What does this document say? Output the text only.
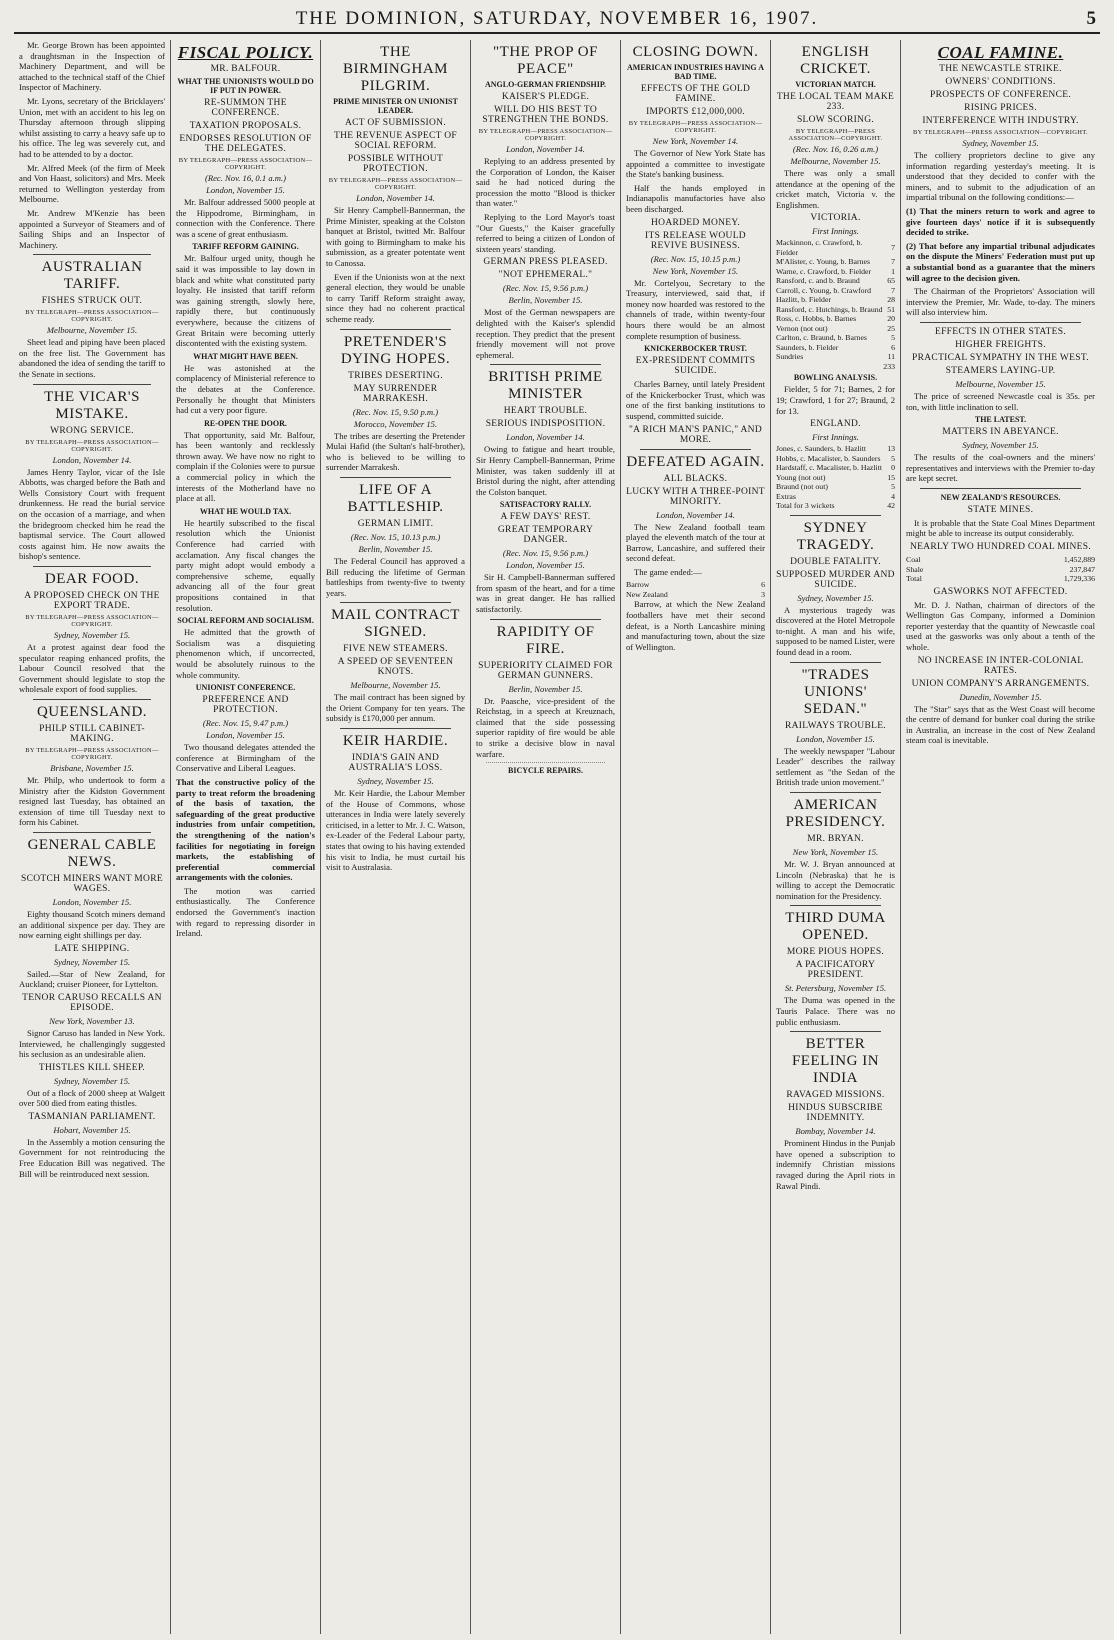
THE DOMINION, SATURDAY, NOVEMBER 16, 1907.	5

Mr. George Brown has been appointed a draughtsman in the Inspection of Machinery Department, and will be attached to the technical staff of the Chief Inspector of Machinery.

Mr. Lyons, secretary of the Bricklayers' Union, met with an accident to his leg on Thursday afternoon through slipping whilst assisting to carry a heavy safe up to his office. The leg was severely cut, and had to be attended to by a doctor.

Mr. Alfred Meek (of the firm of Meek and Von Haast, solicitors) and Mrs. Meek returned to Wellington yesterday from Melbourne.

Mr. Andrew M'Kenzie has been appointed a Surveyor of Steamers and of Sailing Ships and an Inspector of Machinery.

AUSTRALIAN TARIFF.
FISHES STRUCK OUT.
BY TELEGRAPH—PRESS ASSOCIATION—COPYRIGHT.
Melbourne, November 15.

Sheet lead and piping have been placed on the free list. The Government has abandoned the idea of sending the tariff to the Senate in sections.

THE VICAR'S MISTAKE.
WRONG SERVICE.
BY TELEGRAPH—PRESS ASSOCIATION—COPYRIGHT.
London, November 14.

James Henry Taylor, vicar of the Isle Abbotts, was charged before the Bath and Wells Consistory Court with frequent drunkenness. He read the burial service on the occasion of a marriage, and when the bridegroom checked him he read the baptismal service. The Court allowed costs against him. He now awaits the bishop's sentence.

DEAR FOOD.
A PROPOSED CHECK ON THE EXPORT TRADE.
BY TELEGRAPH—PRESS ASSOCIATION—COPYRIGHT.
Sydney, November 15.

At a protest against dear food the speculator reaping enhanced profits, the Labour Council resolved that the Government should legislate to stop the wholesale export of food supplies.

QUEENSLAND.
PHILP STILL CABINET-MAKING.
BY TELEGRAPH—PRESS ASSOCIATION—COPYRIGHT.
Brisbane, November 15.

Mr. Philp, who undertook to form a Ministry after the Kidston Government resigned last Tuesday, has obtained an extension of time till Tuesday next to form his Cabinet.

GENERAL CABLE NEWS.
SCOTCH MINERS WANT MORE WAGES.
London, November 15.

Eighty thousand Scotch miners demand an additional sixpence per day. They are now earning eight shillings per day.

LATE SHIPPING.
Sydney, November 15.

Sailed.—Star of New Zealand, for Auckland; cruiser Pioneer, for Lyttelton.

TENOR CARUSO RECALLS AN EPISODE.
New York, November 13.

Signor Caruso has landed in New York. Interviewed, he challengingly suggested his seclusion as an undesirable alien.

THISTLES KILL SHEEP.
Sydney, November 15.

Out of a flock of 2000 sheep at Walgett over 500 died from eating thistles.

TASMANIAN PARLIAMENT.
Hobart, November 15.

In the Assembly a motion censuring the Government for not reintroducing the Free Education Bill was negatived. The Bill will be reintroduced next session.

FISCAL POLICY.
MR. BALFOUR.
WHAT THE UNIONISTS WOULD DO IF PUT IN POWER.
RE-SUMMON THE CONFERENCE.
TAXATION PROPOSALS.
ENDORSES RESOLUTION OF THE DELEGATES.
BY TELEGRAPH—PRESS ASSOCIATION—COPYRIGHT.
(Rec. Nov. 16, 0.1 a.m.)
London, November 15.

Mr. Balfour addressed 5000 people at the Hippodrome, Birmingham, in connection with the Conference. There was a scene of great enthusiasm.

TARIFF REFORM GAINING.

Mr. Balfour urged unity, though he said it was impossible to lay down in black and white what constituted party loyalty. He insisted that tariff reform was gaining strength, slowly here, rapidly there, but continuously everywhere, because the citizens of Great Britain were becoming utterly discontented with the existing system.

WHAT MIGHT HAVE BEEN.

He was astonished at the complacency of Ministerial reference to the debates at the Conference. Personally he thought that Ministers had cut a very poor figure.

RE-OPEN THE DOOR.

That opportunity, said Mr. Balfour, has been wantonly and recklessly thrown away. We have now no right to complain if the Colonies were to pursue a commercial policy in which the interests of the Motherland have no place at all.

WHAT HE WOULD TAX.

He heartily subscribed to the fiscal resolution which the Unionist Conference had carried with acclamation. Any fiscal changes the party might adopt would embody a comprehensive scheme, equally advancing all of the four great propositions contained in that resolution.

SOCIAL REFORM AND SOCIALISM.

He admitted that the growth of Socialism was a disquieting phenomenon which, if uncorrected, would be absolutely ruinous to the whole community.

UNIONIST CONFERENCE.
PREFERENCE AND PROTECTION.
(Rec. Nov. 15, 9.47 p.m.)
London, November 15.

Two thousand delegates attended the conference at Birmingham of the Conservative and Liberal Leagues.

That the constructive policy of the party to treat reform the broadening of the basis of taxation, the safeguarding of the great productive industries from unfair competition, the strengthening of the nation's facilities for negotiating in foreign markets, the establishing of preferential commercial arrangements with the colonies.

The motion was carried enthusiastically. The Conference endorsed the Government's inaction with regard to repressing disorder in Ireland.

THE BIRMINGHAM PILGRIM.
PRIME MINISTER ON UNIONIST LEADER.
ACT OF SUBMISSION.
THE REVENUE ASPECT OF SOCIAL REFORM.
POSSIBLE WITHOUT PROTECTION.
BY TELEGRAPH—PRESS ASSOCIATION—COPYRIGHT.
London, November 14.

Sir Henry Campbell-Bannerman, the Prime Minister, speaking at the Colston banquet at Bristol, twitted Mr. Balfour with going to Birmingham to make his submission, as a greater potentate went to Canossa.

Even if the Unionists won at the next general election, they would be unable to carry Tariff Reform straight away, since they had no coherent practical scheme ready.

PRETENDER'S DYING HOPES.
TRIBES DESERTING.
MAY SURRENDER MARRAKESH.
(Rec. Nov. 15, 9.50 p.m.)
Morocco, November 15.

The tribes are deserting the Pretender Mulai Hafid (the Sultan's half-brother), who is believed to be willing to surrender Marrakesh.

LIFE OF A BATTLESHIP.
GERMAN LIMIT.
(Rec. Nov. 15, 10.13 p.m.)
Berlin, November 15.

The Federal Council has approved a Bill reducing the lifetime of German battleships from twenty-five to twenty years.

MAIL CONTRACT SIGNED.
FIVE NEW STEAMERS.
A SPEED OF SEVENTEEN KNOTS.
Melbourne, November 15.

The mail contract has been signed by the Orient Company for ten years. The subsidy is £170,000 per annum.

KEIR HARDIE.
INDIA'S GAIN AND AUSTRALIA'S LOSS.
Sydney, November 15.

Mr. Keir Hardie, the Labour Member of the House of Commons, whose utterances in India were lately severely criticised, in a letter to Mr. J. C. Watson, ex-Leader of the Federal Labour party, states that owing to his having extended his visit to India, he must curtail his visit to Australasia.

"THE PROP OF PEACE"
ANGLO-GERMAN FRIENDSHIP.
KAISER'S PLEDGE.
WILL DO HIS BEST TO STRENGTHEN THE BONDS.
BY TELEGRAPH—PRESS ASSOCIATION—COPYRIGHT.
London, November 14.

Replying to an address presented by the Corporation of London, the Kaiser said he had noticed during the procession the motto "Blood is thicker than water."

Replying to the Lord Mayor's toast "Our Guests," the Kaiser gracefully referred to being a citizen of London of sixteen years' standing.

GERMAN PRESS PLEASED.
"NOT EPHEMERAL."
(Rec. Nov. 15, 9.56 p.m.)
Berlin, November 15.

Most of the German newspapers are delighted with the Kaiser's splendid reception. They predict that the present friendly movement will not prove ephemeral.

BRITISH PRIME MINISTER
HEART TROUBLE.
SERIOUS INDISPOSITION.
London, November 14.

Owing to fatigue and heart trouble, Sir Henry Campbell-Bannerman, Prime Minister, was taken suddenly ill at Bristol during the night, after attending the Colston banquet.

SATISFACTORY RALLY.
A FEW DAYS' REST.
GREAT TEMPORARY DANGER.
(Rec. Nov. 15, 9.56 p.m.)
London, November 15.

Sir H. Campbell-Bannerman suffered from spasm of the heart, and for a time was in great danger. He has rallied satisfactorily.

RAPIDITY OF FIRE.
SUPERIORITY CLAIMED FOR GERMAN GUNNERS.
Berlin, November 15.

Dr. Paasche, vice-president of the Reichstag, in a speech at Kreuznach, claimed that the side possessing superior rapidity of fire would be able to strike a decisive blow in naval warfare.

BICYCLE REPAIRS.
CLOSING DOWN.
AMERICAN INDUSTRIES HAVING A BAD TIME.
EFFECTS OF THE GOLD FAMINE.
IMPORTS £12,000,000.
BY TELEGRAPH—PRESS ASSOCIATION—COPYRIGHT.
New York, November 14.

The Governor of New York State has appointed a committee to investigate the State's banking business.

Half the hands employed in Indianapolis manufactories have also been discharged.

HOARDED MONEY.
ITS RELEASE WOULD REVIVE BUSINESS.
(Rec. Nov. 15, 10.15 p.m.)
New York, November 15.

Mr. Cortelyou, Secretary to the Treasury, interviewed, said that, if money now hoarded was restored to the channels of trade, within twenty-four hours there would be an almost complete resumption of business.

KNICKERBOCKER TRUST.
EX-PRESIDENT COMMITS SUICIDE.

Charles Barney, until lately President of the Knickerbocker Trust, which was one of the first banking institutions to suspend, committed suicide.

"A RICH MAN'S PANIC," AND MORE.
DEFEATED AGAIN.
ALL BLACKS.
LUCKY WITH A THREE-POINT MINORITY.
London, November 14.

The New Zealand football team played the eleventh match of the tour at Barrow, Lancashire, and suffered their second defeat.

The game ended:—

Barrow	6
New Zealand	3

Barrow, at which the New Zealand footballers have met their second defeat, is a North Lancashire mining and manufacturing town, about the size of Wellington.

ENGLISH CRICKET.
VICTORIAN MATCH.
THE LOCAL TEAM MAKE 233.
SLOW SCORING.
BY TELEGRAPH—PRESS ASSOCIATION—COPYRIGHT.
(Rec. Nov. 16, 0.26 a.m.)
Melbourne, November 15.

There was only a small attendance at the opening of the cricket match, Victoria v. the Englishmen.

VICTORIA.
First Innings.
Mackinnon, c. Crawford, b. Fielder	7
M'Alister, c. Young, b. Barnes	7
Warne, c. Crawford, b. Fielder	1
Ransford, c. and b. Braund	65
Carroll, c. Young, b. Crawford	7
Hazlitt, b. Fielder	28
Ransford, c. Hutchings, b. Braund	51
Ross, c. Hobbs, b. Barnes	20
Vernon (not out)	25
Carlton, c. Braund, b. Barnes	5
Saunders, b. Fielder	6
Sundries	11
	233
BOWLING ANALYSIS.

Fielder, 5 for 71; Barnes, 2 for 19; Crawford, 1 for 27; Braund, 2 for 13.

ENGLAND.
First Innings.
Jones, c. Saunders, b. Hazlitt	13
Hobbs, c. Macalister, b. Saunders	5
Hardstaff, c. Macalister, b. Hazlitt	0
Young (not out)	15
Braund (not out)	5
Extras	4
Total for 3 wickets	42
SYDNEY TRAGEDY.
DOUBLE FATALITY.
SUPPOSED MURDER AND SUICIDE.
Sydney, November 15.

A mysterious tragedy was discovered at the Hotel Metropole to-night. A man and his wife, supposed to be named Lister, were found dead in a room.

"TRADES UNIONS' SEDAN."
RAILWAYS TROUBLE.
London, November 15.

The weekly newspaper "Labour Leader" describes the railway settlement as "the Sedan of the British trade union movement."

AMERICAN PRESIDENCY.
MR. BRYAN.
New York, November 15.

Mr. W. J. Bryan announced at Lincoln (Nebraska) that he is willing to accept the Democratic nomination for the Presidency.

THIRD DUMA OPENED.
MORE PIOUS HOPES.
A PACIFICATORY PRESIDENT.
St. Petersburg, November 15.

The Duma was opened in the Tauris Palace. There was no public enthusiasm.

BETTER FEELING IN INDIA
RAVAGED MISSIONS.
HINDUS SUBSCRIBE INDEMNITY.
Bombay, November 14.

Prominent Hindus in the Punjab have opened a subscription to indemnify Christian missions ravaged during the April riots in Rawal Pindi.

COAL FAMINE.
THE NEWCASTLE STRIKE.
OWNERS' CONDITIONS.
PROSPECTS OF CONFERENCE.
RISING PRICES.
INTERFERENCE WITH INDUSTRY.
BY TELEGRAPH—PRESS ASSOCIATION—COPYRIGHT.
Sydney, November 15.

The colliery proprietors decline to give any information regarding yesterday's meeting. It is understood that they decided to confer with the miners, and to submit to the adjudication of an impartial tribunal on the following conditions:—

(1) That the miners return to work and agree to give fourteen days' notice if it is subsequently decided to strike.

(2) That before any impartial tribunal adjudicates on the dispute the Miners' Federation must put up a substantial bond as a guarantee that the miners will agree to the decision given.

The Chairman of the Proprietors' Association will interview the Premier, Mr. Wade, to-day. The miners will also interview him.

EFFECTS IN OTHER STATES.
HIGHER FREIGHTS.
PRACTICAL SYMPATHY IN THE WEST.
STEAMERS LAYING-UP.
Melbourne, November 15.

The price of screened Newcastle coal is 35s. per ton, with little inclination to sell.

THE LATEST.
MATTERS IN ABEYANCE.
Sydney, November 15.

The results of the coal-owners and the miners' representatives and interviews with the Premier to-day are kept secret.

NEW ZEALAND'S RESOURCES.
STATE MINES.

It is probable that the State Coal Mines Department might be able to increase its output considerably.

NEARLY TWO HUNDRED COAL MINES.
Coal	1,452,889
Shale	237,847
Total	1,729,336
GASWORKS NOT AFFECTED.

Mr. D. J. Nathan, chairman of directors of the Wellington Gas Company, informed a Dominion reporter yesterday that the quantity of Newcastle coal used at the gasworks was only about a tenth of the whole.

NO INCREASE IN INTER-COLONIAL RATES.
UNION COMPANY'S ARRANGEMENTS.
Dunedin, November 15.

The "Star" says that as the West Coast will become the centre of demand for bunker coal during the strike in Australia, an increase in the cost of New Zealand steam coal is inevitable.
